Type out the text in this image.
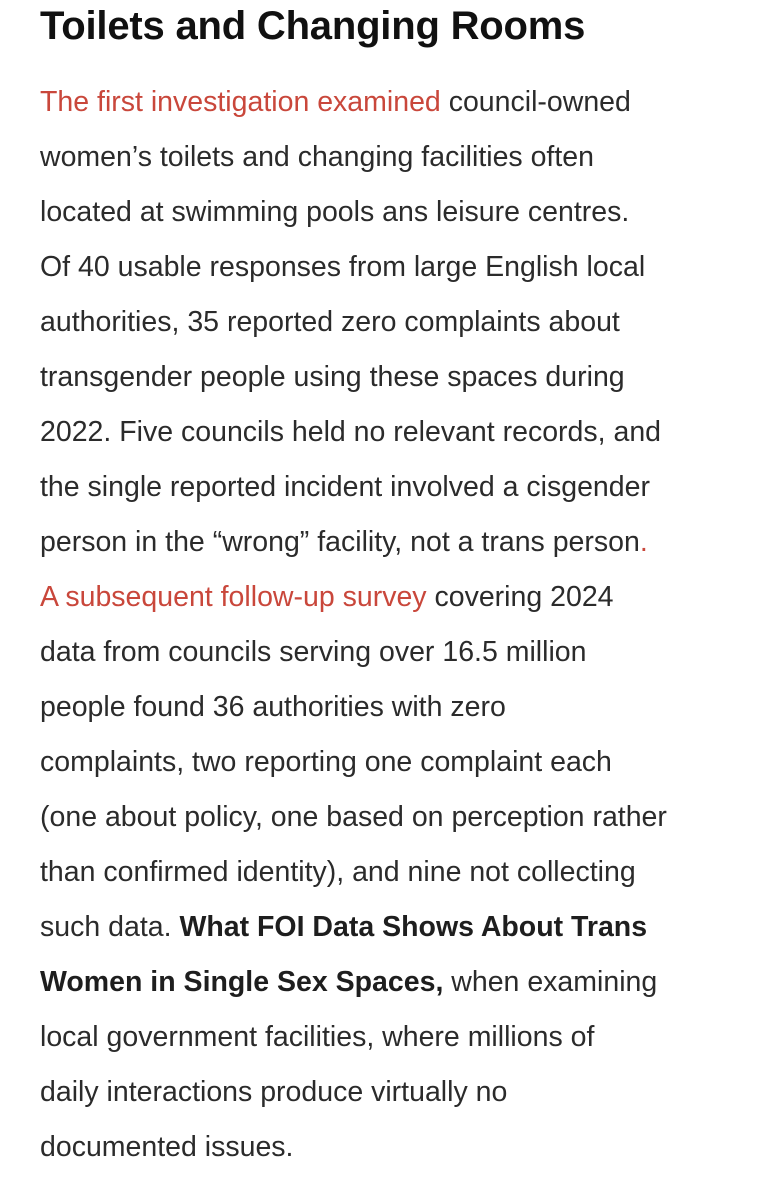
Toilets and Changing Rooms
The first investigation examined council-owned
women’s toilets and changing facilities often
located at swimming pools ans leisure centres.
Of 40 usable responses from large English local
authorities, 35 reported zero complaints about
transgender people using these spaces during
2022. Five councils held no relevant records, and
the single reported incident involved a cisgender
person in the “wrong” facility, not a trans person.
A subsequent follow-up survey covering 2024
data from councils serving over 16.5 million
people found 36 authorities with zero
complaints, two reporting one complaint each
(one about policy, one based on perception rather
than confirmed identity), and nine not collecting
such data. What FOI Data Shows About Trans
Women in Single Sex Spaces, when examining
local government facilities, where millions of
daily interactions produce virtually no
documented issues.
